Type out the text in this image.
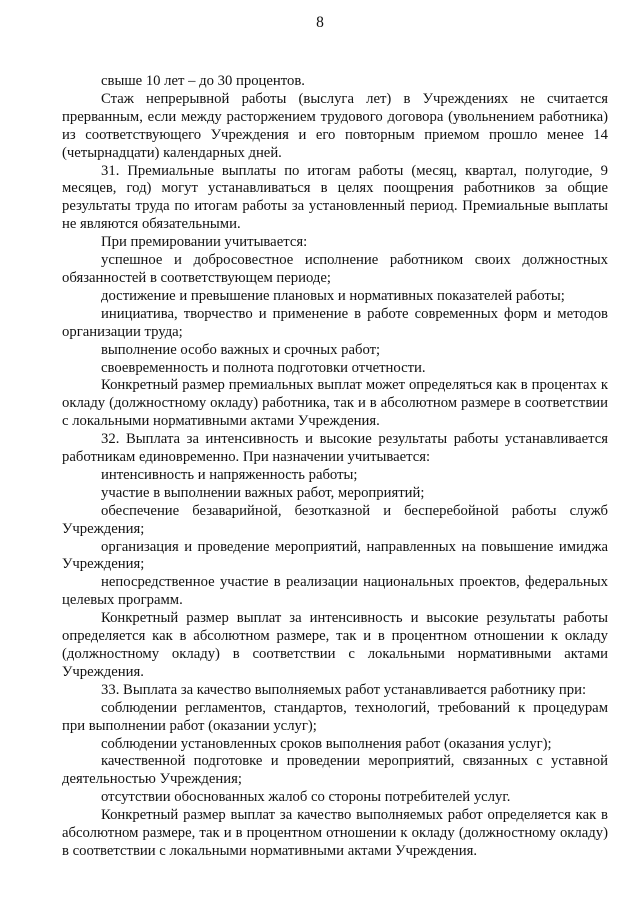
8

свыше 10 лет – до 30 процентов.

Стаж непрерывной работы (выслуга лет) в Учреждениях не считается прерванным, если между расторжением трудового договора (увольнением работника) из соответствующего Учреждения и его повторным приемом прошло менее 14 (четырнадцати) календарных дней.

31. Премиальные выплаты по итогам работы (месяц, квартал, полугодие, 9 месяцев, год) могут устанавливаться в целях поощрения работников за общие результаты труда по итогам работы за установленный период. Премиальные выплаты не являются обязательными.

При премировании учитывается:

успешное и добросовестное исполнение работником своих должностных обязанностей в соответствующем периоде;

достижение и превышение плановых и нормативных показателей работы;

инициатива, творчество и применение в работе современных форм и методов организации труда;

выполнение особо важных и срочных работ;

своевременность и полнота подготовки отчетности.

Конкретный размер премиальных выплат может определяться как в процентах к окладу (должностному окладу) работника, так и в абсолютном размере в соответствии с локальными нормативными актами Учреждения.

32. Выплата за интенсивность и высокие результаты работы устанавливается работникам единовременно. При назначении учитывается:

интенсивность и напряженность работы;

участие в выполнении важных работ, мероприятий;

обеспечение безаварийной, безотказной и бесперебойной работы служб Учреждения;

организация и проведение мероприятий, направленных на повышение имиджа Учреждения;

непосредственное участие в реализации национальных проектов, федеральных целевых программ.

Конкретный размер выплат за интенсивность и высокие результаты работы определяется как в абсолютном размере, так и в процентном отношении к окладу (должностному окладу) в соответствии с локальными нормативными актами Учреждения.

33. Выплата за качество выполняемых работ устанавливается работнику при:

соблюдении регламентов, стандартов, технологий, требований к процедурам при выполнении работ (оказании услуг);

соблюдении установленных сроков выполнения работ (оказания услуг);

качественной подготовке и проведении мероприятий, связанных с уставной деятельностью Учреждения;

отсутствии обоснованных жалоб со стороны потребителей услуг.

Конкретный размер выплат за качество выполняемых работ определяется как в абсолютном размере, так и в процентном отношении к окладу (должностному окладу) в соответствии с локальными нормативными актами Учреждения.
